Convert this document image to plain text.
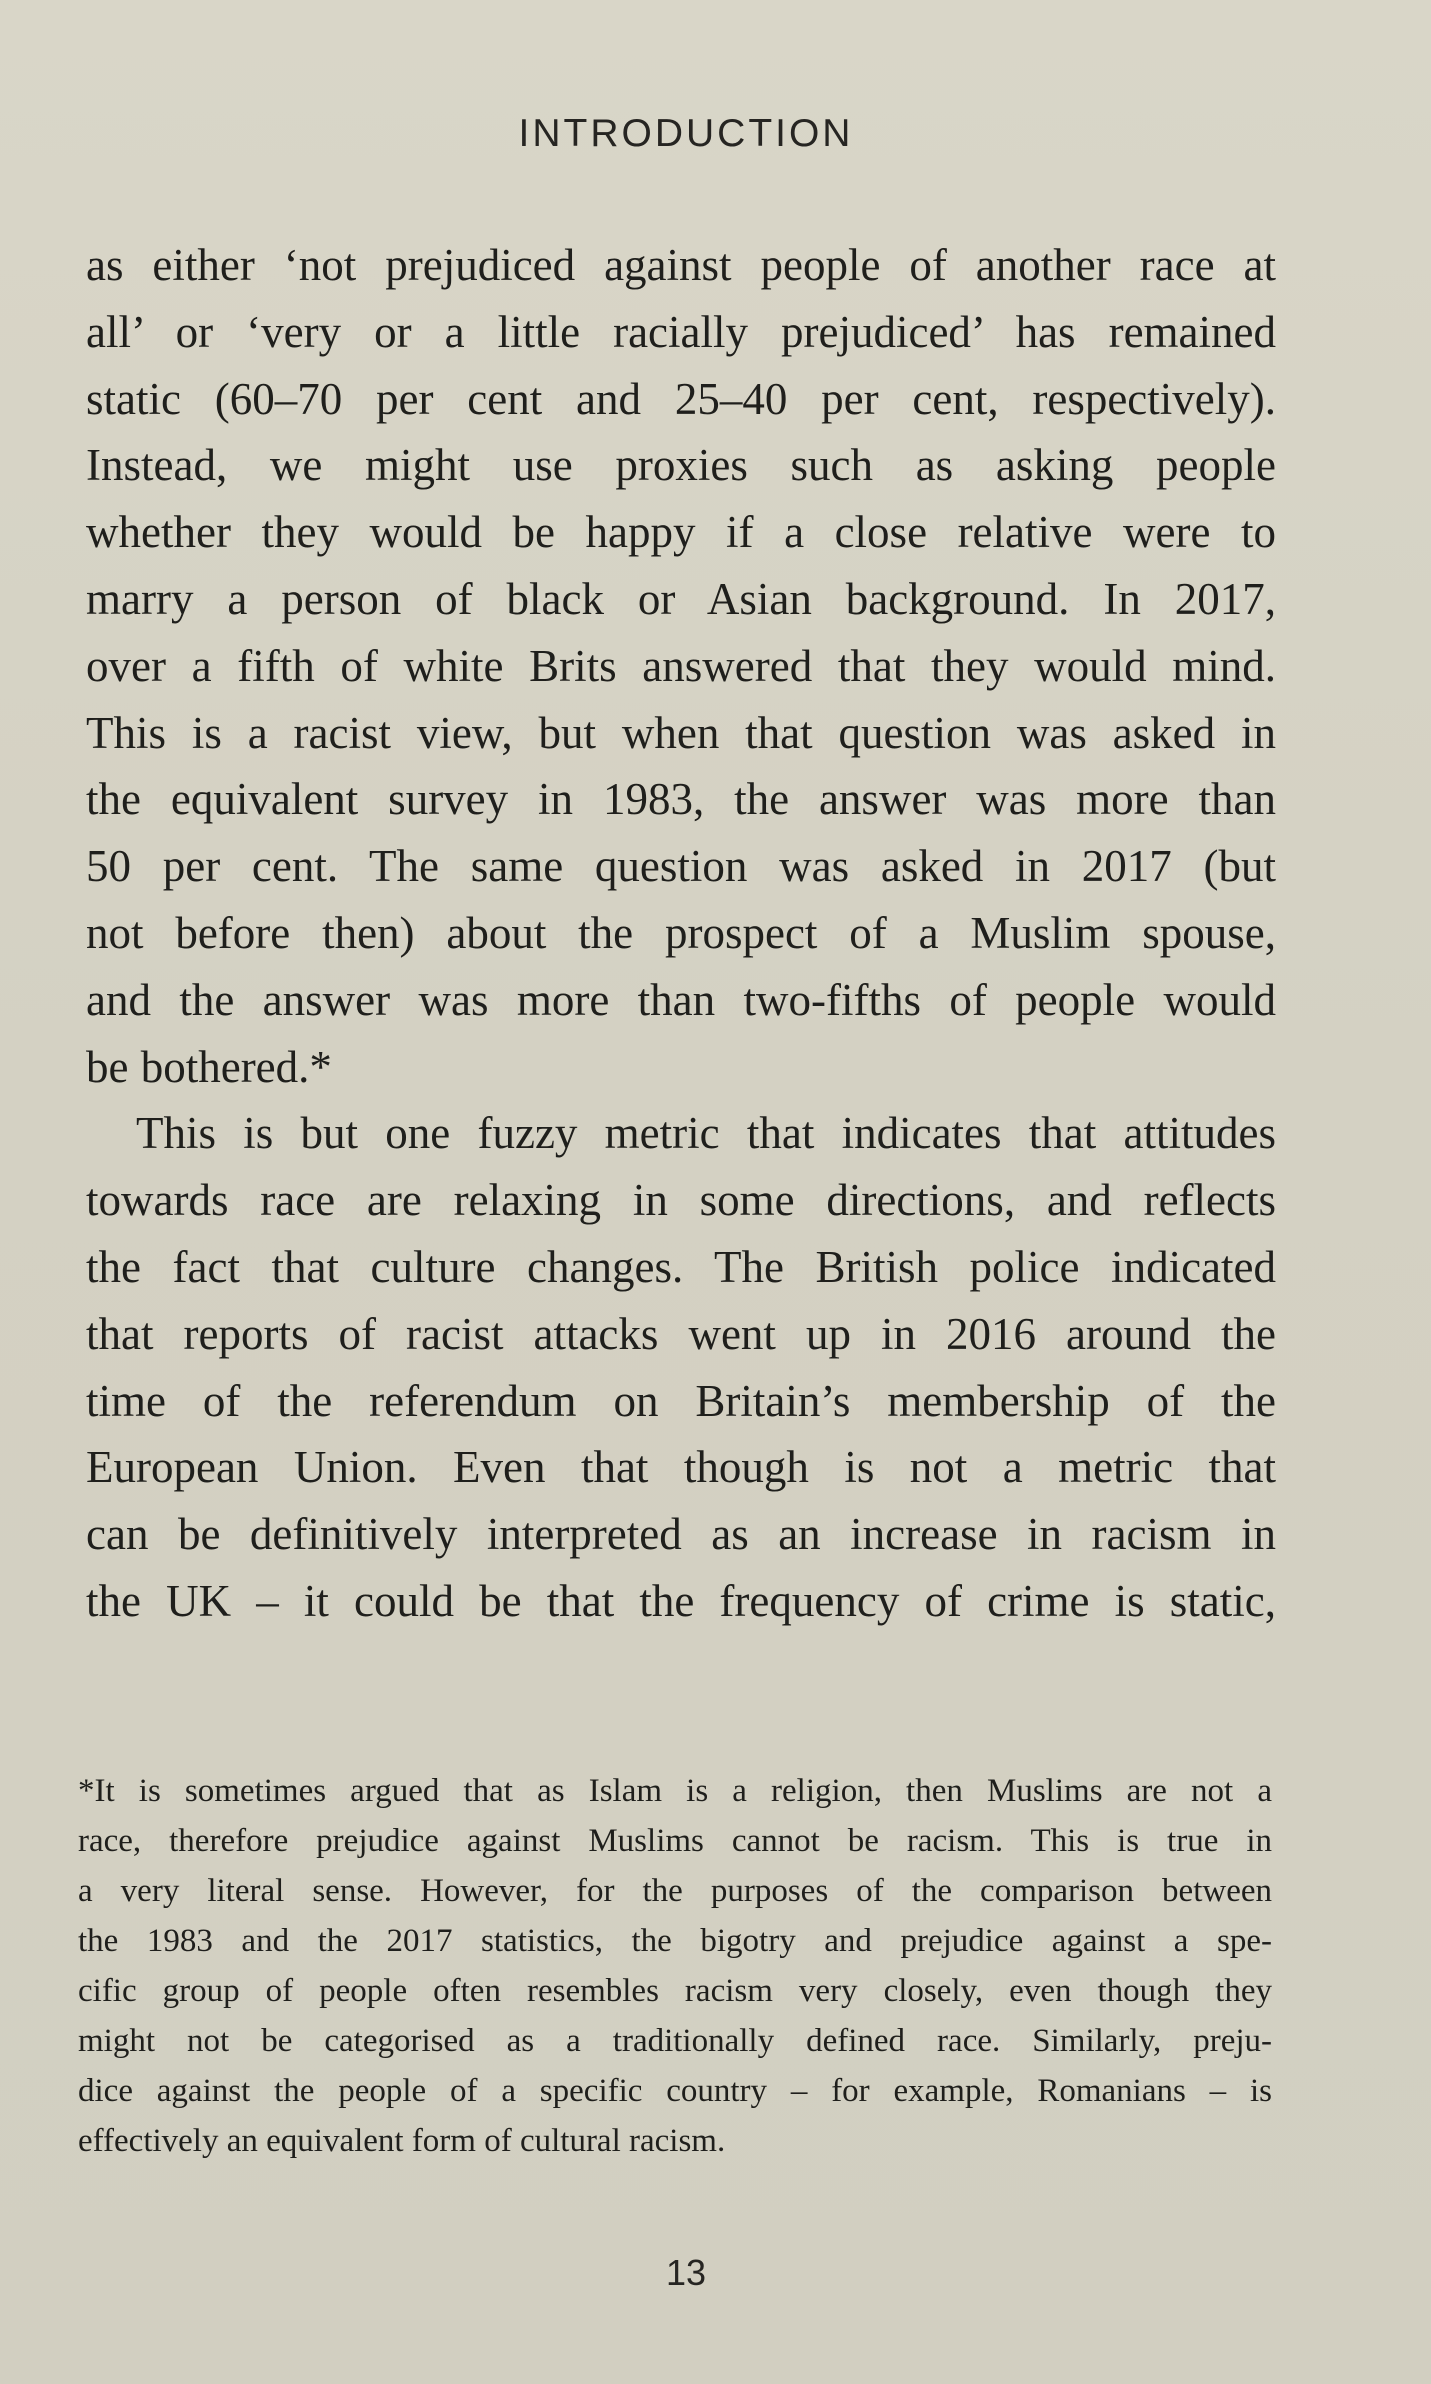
INTRODUCTION

as either ‘not prejudiced against people of another race at

all’ or ‘very or a little racially prejudiced’ has remained

static (60–70 per cent and 25–40 per cent, respectively).

Instead, we might use proxies such as asking people

whether they would be happy if a close relative were to

marry a person of black or Asian background. In 2017,

over a fifth of white Brits answered that they would mind.

This is a racist view, but when that question was asked in

the equivalent survey in 1983, the answer was more than

50 per cent. The same question was asked in 2017 (but

not before then) about the prospect of a Muslim spouse,

and the answer was more than two-fifths of people would

be bothered.*

This is but one fuzzy metric that indicates that attitudes

towards race are relaxing in some directions, and reflects

the fact that culture changes. The British police indicated

that reports of racist attacks went up in 2016 around the

time of the referendum on Britain’s membership of the

European Union. Even that though is not a metric that

can be definitively interpreted as an increase in racism in

the UK – it could be that the frequency of crime is static,

*It is sometimes argued that as Islam is a religion, then Muslims are not a

race, therefore prejudice against Muslims cannot be racism. This is true in

a very literal sense. However, for the purposes of the comparison between

the 1983 and the 2017 statistics, the bigotry and prejudice against a spe-

cific group of people often resembles racism very closely, even though they

might not be categorised as a traditionally defined race. Similarly, preju-

dice against the people of a specific country – for example, Romanians – is

effectively an equivalent form of cultural racism.

13
